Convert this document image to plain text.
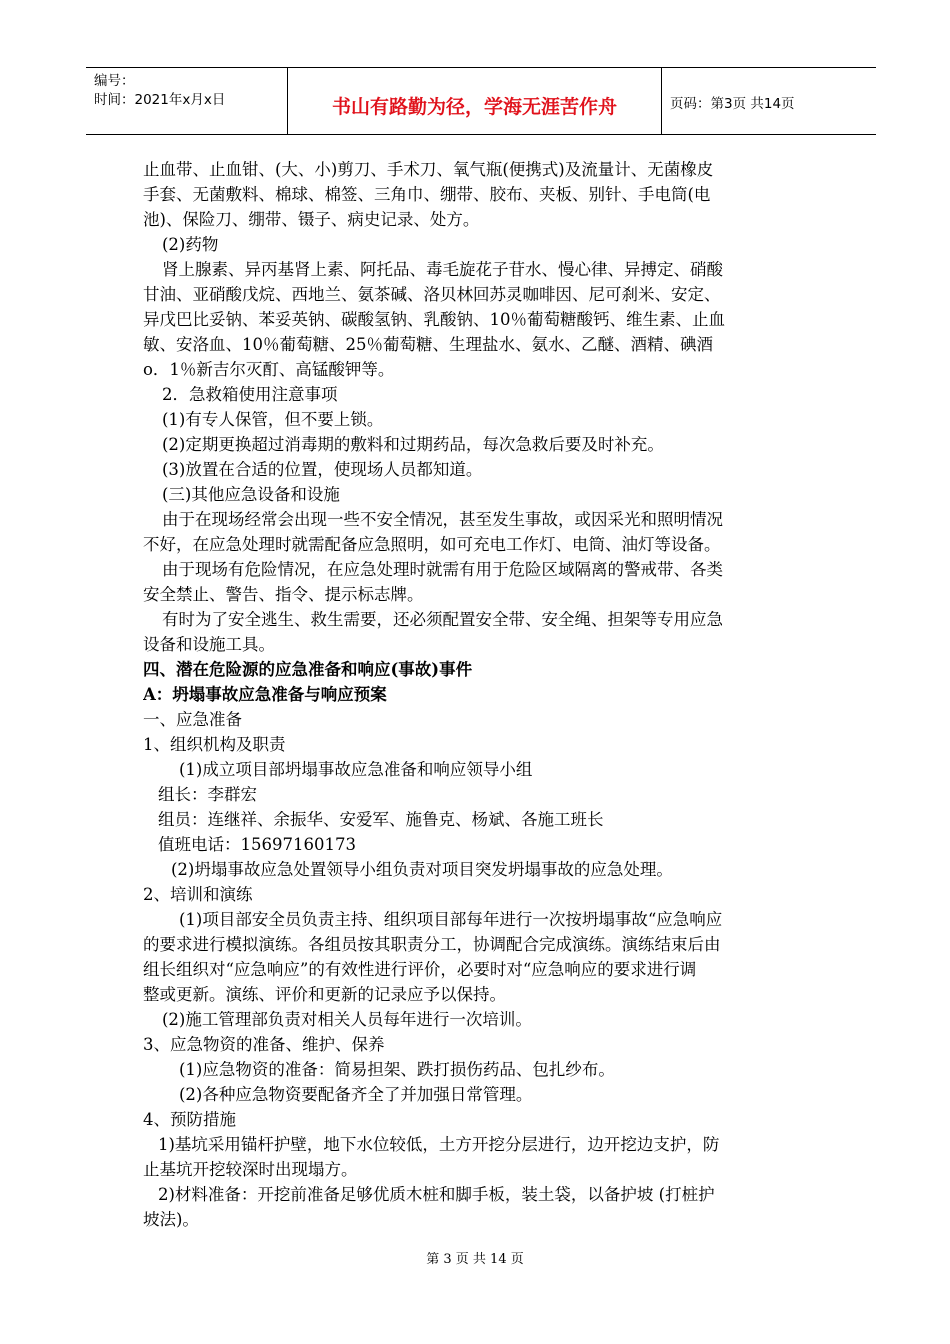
编号：
时间：2021年x月x日	书山有路勤为径，学海无涯苦作舟	页码：第3页 共14页

止血带、止血钳、(大、小)剪刀、手术刀、氧气瓶(便携式)及流量计、无菌橡皮

手套、无菌敷料、棉球、棉签、三角巾、绷带、胶布、夹板、别针、手电筒(电

池)、保险刀、绷带、镊子、病史记录、处方。

(2)药物

肾上腺素、异丙基肾上素、阿托品、毒毛旋花子苷水、慢心律、异搏定、硝酸

甘油、亚硝酸戊烷、西地兰、氨茶碱、洛贝林回苏灵咖啡因、尼可刹米、安定、

异戊巴比妥钠、苯妥英钠、碳酸氢钠、乳酸钠、10％葡萄糖酸钙、维生素、止血

敏、安洛血、10％葡萄糖、25％葡萄糖、生理盐水、氨水、乙醚、酒精、碘酒

o．1％新吉尔灭酊、高锰酸钾等。

2．急救箱使用注意事项

(1)有专人保管，但不要上锁。

(2)定期更换超过消毒期的敷料和过期药品，每次急救后要及时补充。

(3)放置在合适的位置，使现场人员都知道。

(三)其他应急设备和设施

由于在现场经常会出现一些不安全情况，甚至发生事故，或因采光和照明情况

不好，在应急处理时就需配备应急照明，如可充电工作灯、电筒、油灯等设备。

由于现场有危险情况，在应急处理时就需有用于危险区域隔离的警戒带、各类

安全禁止、警告、指令、提示标志牌。

有时为了安全逃生、救生需要，还必须配置安全带、安全绳、担架等专用应急

设备和设施工具。

四、潜在危险源的应急准备和响应(事故)事件

A：坍塌事故应急准备与响应预案

一、应急准备

1、组织机构及职责

(1)成立项目部坍塌事故应急准备和响应领导小组

组长：李群宏

组员：连继祥、余振华、安爱军、施鲁克、杨斌、各施工班长

值班电话：15697160173

(2)坍塌事故应急处置领导小组负责对项目突发坍塌事故的应急处理。

2、培训和演练

(1)项目部安全员负责主持、组织项目部每年进行一次按坍塌事故“应急响应

的要求进行模拟演练。各组员按其职责分工，协调配合完成演练。演练结束后由

组长组织对“应急响应”的有效性进行评价，必要时对“应急响应的要求进行调

整或更新。演练、评价和更新的记录应予以保持。

(2)施工管理部负责对相关人员每年进行一次培训。

3、应急物资的准备、维护、保养

(1)应急物资的准备：简易担架、跌打损伤药品、包扎纱布。

(2)各种应急物资要配备齐全了并加强日常管理。

4、预防措施

1)基坑采用锚杆护壁，地下水位较低，土方开挖分层进行，边开挖边支护，防

止基坑开挖较深时出现塌方。

2)材料准备：开挖前准备足够优质木桩和脚手板，装土袋，以备护坡 (打桩护

坡法)。

第 3 页 共 14 页
